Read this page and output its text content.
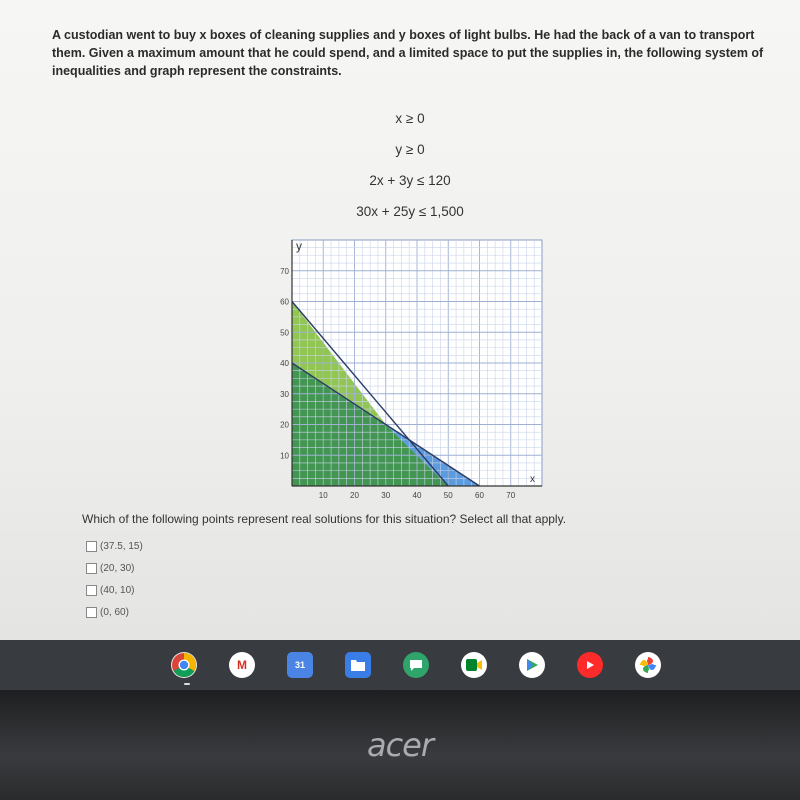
A custodian went to buy x boxes of cleaning supplies and y boxes of light bulbs. He had the back of a van to transport them. Given a maximum amount that he could spend, and a limited space to put the supplies in, the following system of inequalities and graph represent the constraints.
x ≥ 0
y ≥ 0
2x + 3y ≤ 120
30x + 25y ≤ 1,500
10	20	30	40	50	60	70
10
20
30
40
50
60
70
x
y
Which of the following points represent real solutions for this situation? Select all that apply.
(37.5, 15)
(20, 30)
(40, 10)
(0, 60)
M	31
acer
